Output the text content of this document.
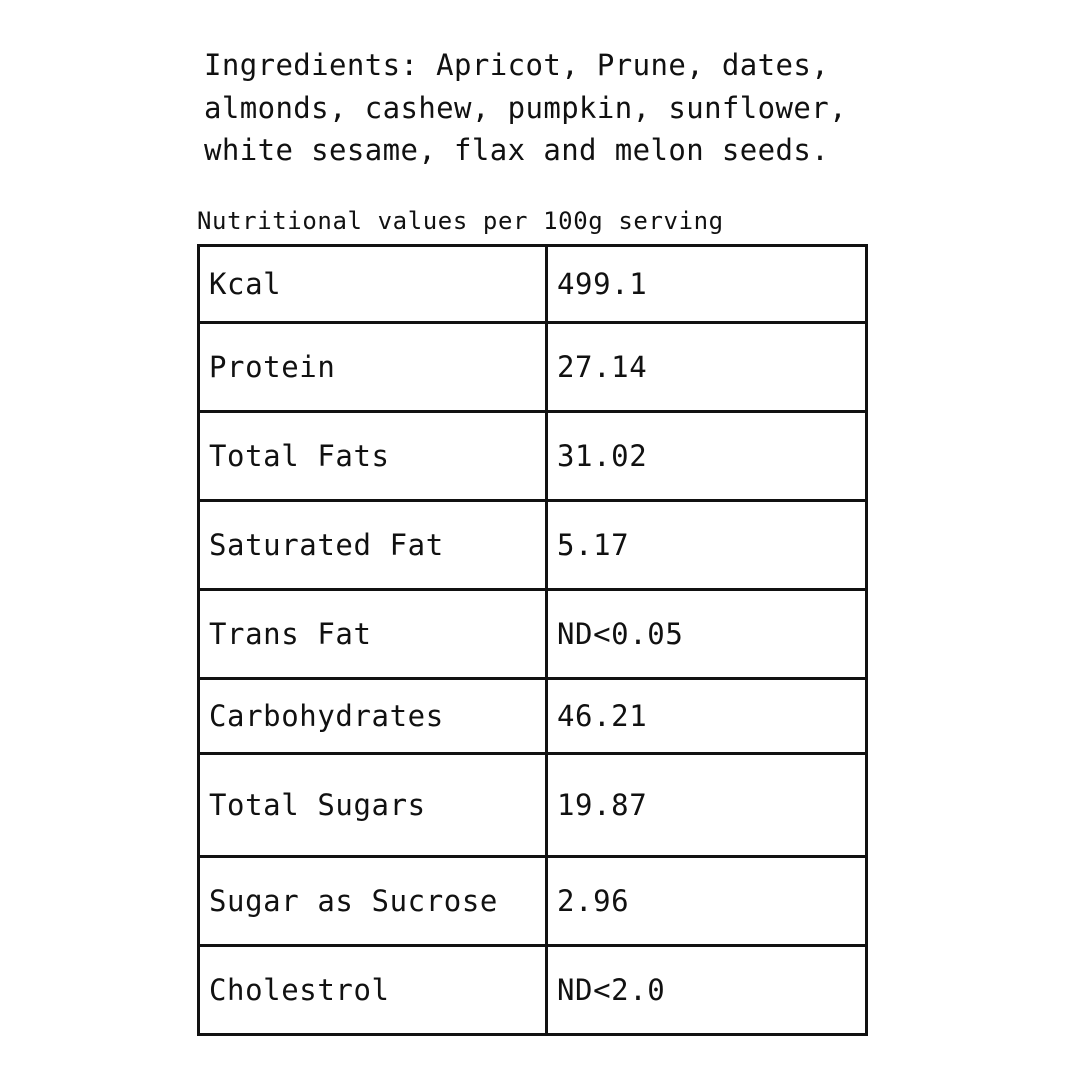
Ingredients: Apricot, Prune, dates,
almonds, cashew, pumpkin, sunflower,
white sesame, flax and melon seeds.

Nutritional values per 100g serving

Kcal	499.1
Protein	27.14
Total Fats	31.02
Saturated Fat	5.17
Trans Fat	ND<0.05
Carbohydrates	46.21
Total Sugars	19.87
Sugar as Sucrose	2.96
Cholestrol	ND<2.0
